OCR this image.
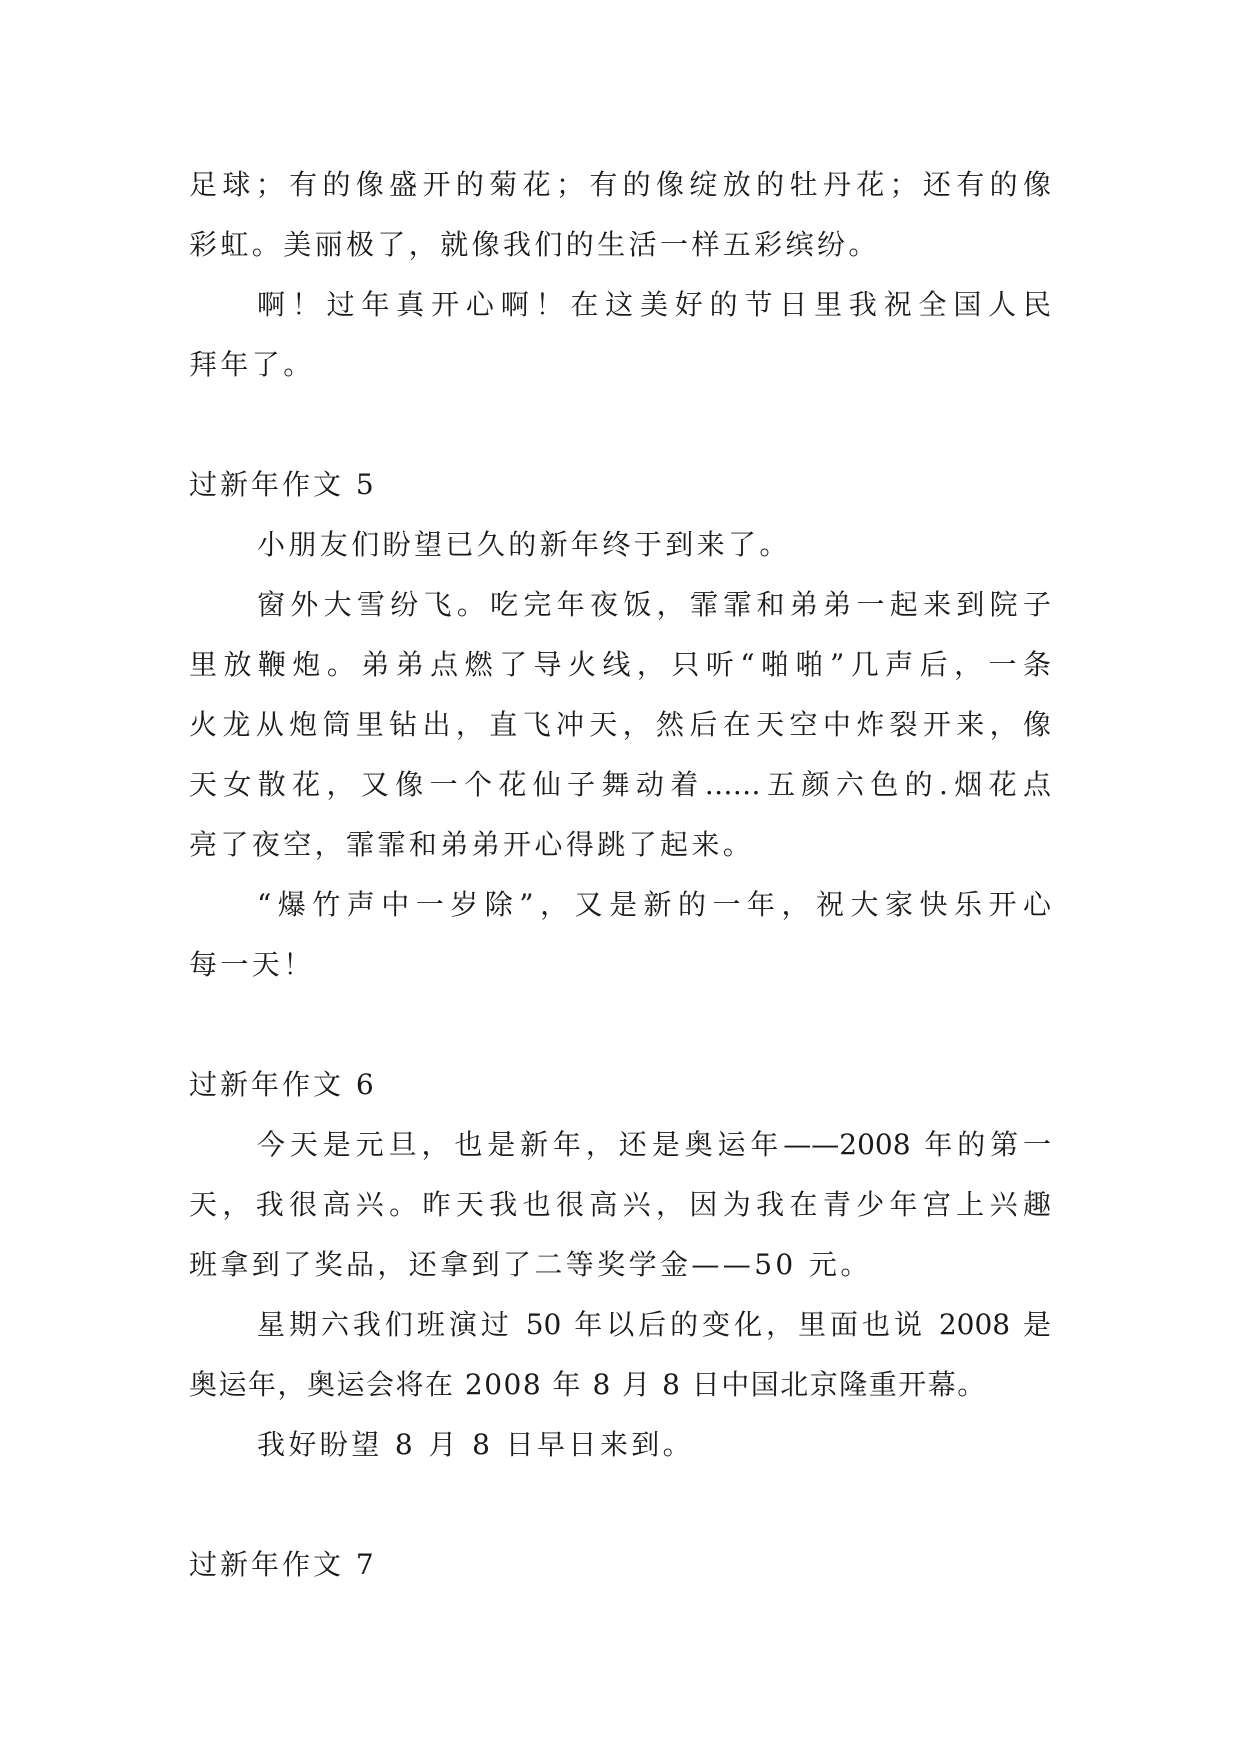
足球；有的像盛开的菊花；有的像绽放的牡丹花；还有的像
彩虹。美丽极了，就像我们的生活一样五彩缤纷。
啊！过年真开心啊！在这美好的节日里我祝全国人民
拜年了。
过新年作文 5
小朋友们盼望已久的新年终于到来了。
窗外大雪纷飞。吃完年夜饭，霏霏和弟弟一起来到院子
里放鞭炮。弟弟点燃了导火线，只听“啪啪”几声后，一条
火龙从炮筒里钻出，直飞冲天，然后在天空中炸裂开来，像
天女散花，又像一个花仙子舞动着……五颜六色的.烟花点
亮了夜空，霏霏和弟弟开心得跳了起来。
“爆竹声中一岁除”，又是新的一年，祝大家快乐开心
每一天！
过新年作文 6
今天是元旦，也是新年，还是奥运年——2008 年的第一
天，我很高兴。昨天我也很高兴，因为我在青少年宫上兴趣
班拿到了奖品，还拿到了二等奖学金——50 元。
星期六我们班演过 50 年以后的变化，里面也说 2008 是
奥运年，奥运会将在 2008 年 8 月 8 日中国北京隆重开幕。
我好盼望 8 月 8 日早日来到。
过新年作文 7
